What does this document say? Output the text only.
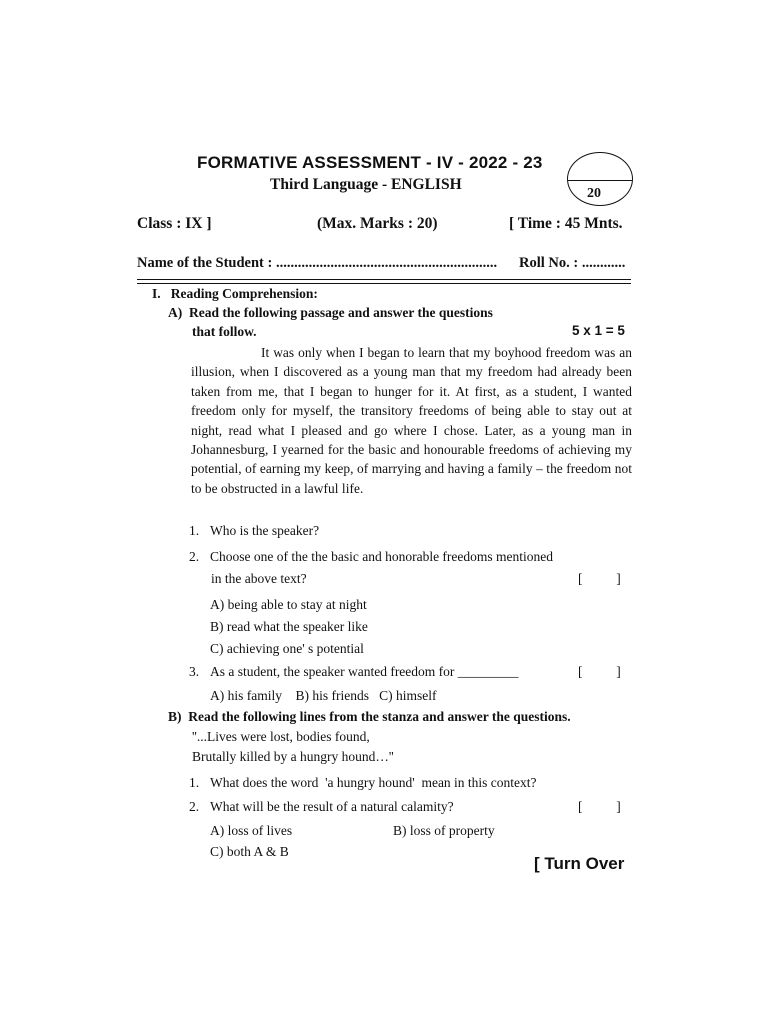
FORMATIVE ASSESSMENT - IV - 2022 - 23
Third Language - ENGLISH
20
Class : IX ]	(Max. Marks : 20)	[ Time : 45 Mnts.
Name of the Student : ............................................................. Roll No. : ............
I.   Reading Comprehension:
A)  Read the following passage and answer the questions
that follow.	5 x 1 = 5
It was only when I began to learn that my boyhood freedom was an illusion, when I discovered as a young man that my freedom had already been taken from me, that I began to hunger for it. At first, as a student, I wanted freedom only for myself, the transitory freedoms of being able to stay out at night, read what I pleased and go where I chose. Later, as a young man in Johannesburg, I yearned for the basic and honourable freedoms of achieving my potential, of earning my keep, of marrying and having a family – the freedom not to be obstructed in a lawful life.
1. Who is the speaker?
2. Choose one of the the basic and honorable freedoms mentioned
in the above text?	[          ]
A) being able to stay at night
B) read what the speaker like
C) achieving one' s potential
3. As a student, the speaker wanted freedom for _________	[          ]
A) his family    B) his friends   C) himself
B)  Read the following lines from the stanza and answer the questions.
''...Lives were lost, bodies found,
Brutally killed by a hungry hound…''
1. What does the word  'a hungry hound'  mean in this context?
2. What will be the result of a natural calamity?	[          ]
A) loss of lives	B) loss of property
C) both A & B
[ Turn Over
